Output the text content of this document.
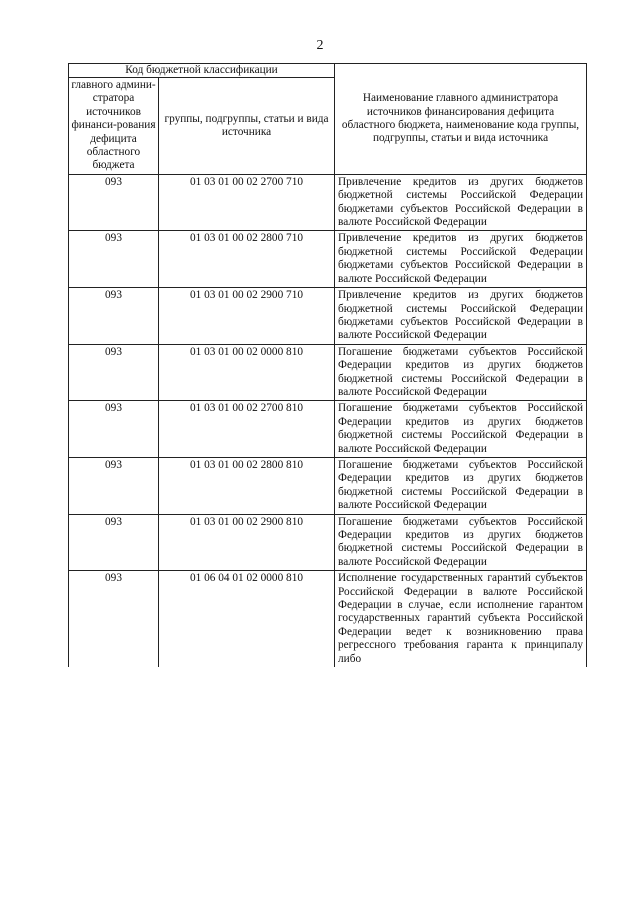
2
Код бюджетной классификации		Наименование главного администратора источников финансирования дефицита областного бюджета, наименование кода группы, подгруппы, статьи и вида источника
главного админи-стратора источников финанси-рования дефицита областного бюджета	группы, подгруппы, статьи и вида источника	
093	01 03 01 00 02 2700 710	Привлечение кредитов из других бюджетов бюджетной системы Российской Федерации бюджетами субъектов Российской Федерации в валюте Российской Федерации
093	01 03 01 00 02 2800 710	Привлечение кредитов из других бюджетов бюджетной системы Российской Федерации бюджетами субъектов Российской Федерации в валюте Российской Федерации
093	01 03 01 00 02 2900 710	Привлечение кредитов из других бюджетов бюджетной системы Российской Федерации бюджетами субъектов Российской Федерации в валюте Российской Федерации
093	01 03 01 00 02 0000 810	Погашение бюджетами субъектов Российской Федерации кредитов из других бюджетов бюджетной системы Российской Федерации в валюте Российской Федерации
093	01 03 01 00 02 2700 810	Погашение бюджетами субъектов Российской Федерации кредитов из других бюджетов бюджетной системы Российской Федерации в валюте Российской Федерации
093	01 03 01 00 02 2800 810	Погашение бюджетами субъектов Российской Федерации кредитов из других бюджетов бюджетной системы Российской Федерации в валюте Российской Федерации
093	01 03 01 00 02 2900 810	Погашение бюджетами субъектов Российской Федерации кредитов из других бюджетов бюджетной системы Российской Федерации в валюте Российской Федерации
093	01 06 04 01 02 0000 810	Исполнение государственных гарантий субъектов Российской Федерации в валюте Российской Федерации в случае, если исполнение гарантом государственных гарантий субъекта Российской Федерации ведет к возникновению права регрессного требования гаранта к принципалу либо
